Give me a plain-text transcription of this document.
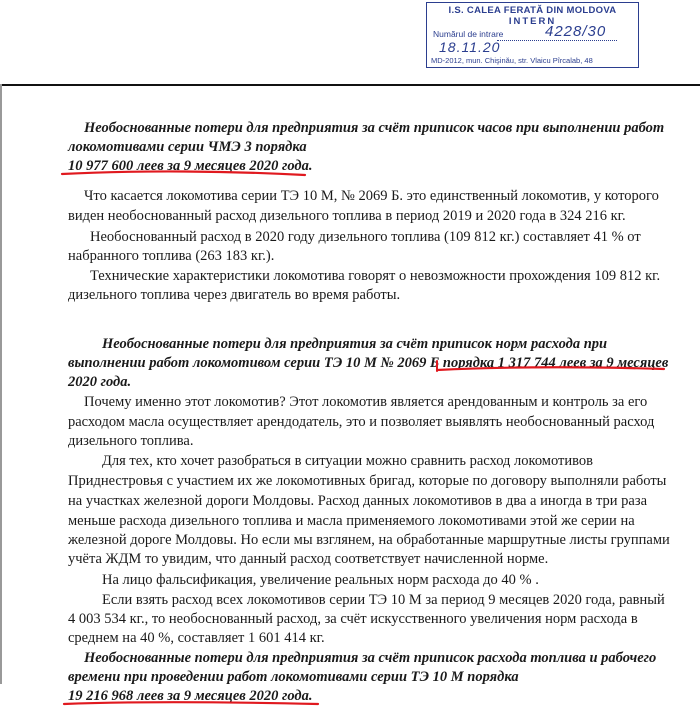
I.S. CALEA FERATĂ DIN MOLDOVA
INTERN
Numărul de intrare	4228/30
18.11.20
MD-2012, mun. Chişinău, str. Vlaicu Pîrcalab, 48

Необоснованные потери для предприятия за счёт приписок часов при выполнении работ

локомотивами серии ЧМЭ 3 порядка

10 977 600 леев за 9 месяцев 2020 года.

Что касается локомотива серии ТЭ 10 М, № 2069 Б. это единственный локомотив, у которого

виден необоснованный расход дизельного топлива в период 2019 и 2020 года в 324 216 кг.

Необоснованный расход в 2020 году дизельного топлива (109 812 кг.) составляет 41 % от

набранного топлива (263 183 кг.).

Технические характеристики локомотива говорят о невозможности прохождения 109 812 кг.

дизельного топлива через двигатель во время работы.

Необоснованные потери для предприятия за счёт приписок норм расхода при

выполнении работ локомотивом серии ТЭ 10 М № 2069 Б порядка 1 317 744 леев за 9 месяцев

2020 года.

Почему именно этот локомотив? Этот локомотив является арендованным и контроль за его

расходом масла осуществляет арендодатель, это и позволяет выявлять необоснованный расход

дизельного топлива.

Для тех, кто хочет разобраться в ситуации можно сравнить расход локомотивов

Приднестровья с участием их же локомотивных бригад, которые по договору выполняли работы

на участках железной дороги Молдовы. Расход данных локомотивов в два а иногда в три раза

меньше расхода дизельного топлива и масла применяемого локомотивами этой же серии на

железной дороге Молдовы. Но если мы взглянем, на обработанные маршрутные листы группами

учёта ЖДМ то увидим, что данный расход соответствует начисленной норме.

На лицо фальсификация, увеличение реальных норм расхода до 40 % .

Если взять расход всех локомотивов серии ТЭ 10 М за период 9 месяцев 2020 года, равный

4 003 534 кг., то необоснованный расход, за счёт искусственного увеличения норм расхода в

среднем на 40 %, составляет 1 601 414 кг.

Необоснованные потери для предприятия за счёт приписок расхода топлива и рабочего

времени при проведении работ локомотивами серии ТЭ 10 М порядка

19 216 968 леев за 9 месяцев 2020 года.
